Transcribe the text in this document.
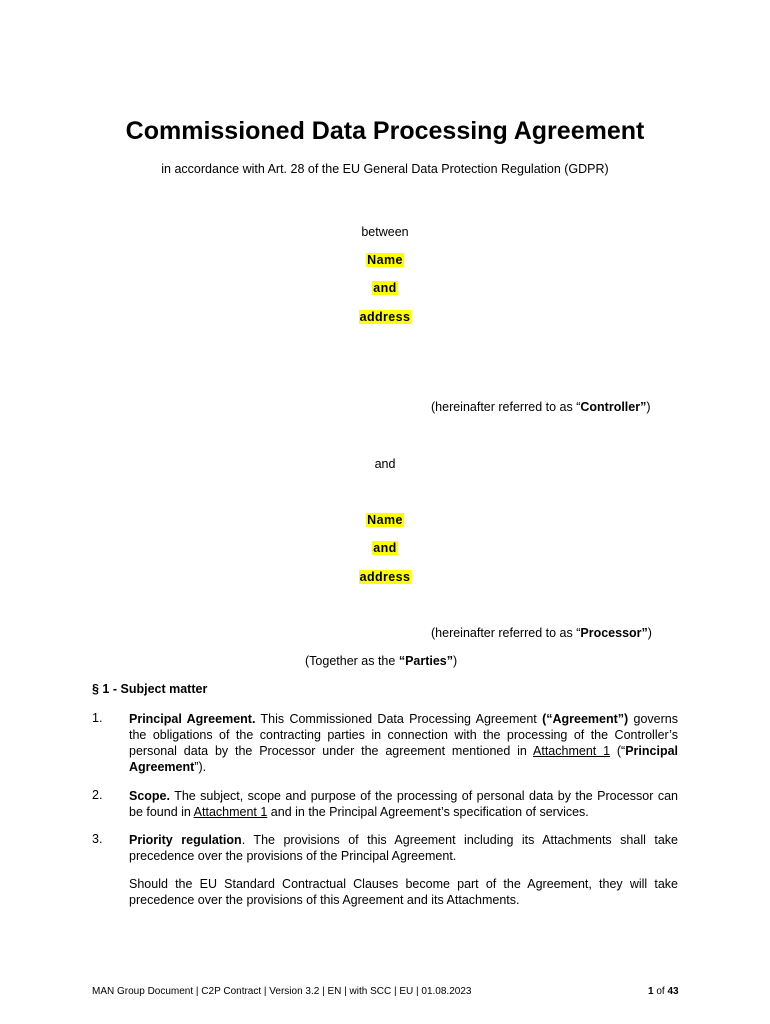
Commissioned Data Processing Agreement
in accordance with Art. 28 of the EU General Data Protection Regulation (GDPR)
between
Name
and
address
(hereinafter referred to as “Controller”)
and
Name
and
address
(hereinafter referred to as “Processor”)
(Together as the “Parties”)
§ 1 - Subject matter
1. Principal Agreement. This Commissioned Data Processing Agreement (“Agreement”) governs the obligations of the contracting parties in connection with the processing of the Controller’s personal data by the Processor under the agreement mentioned in Attachment 1 (“Principal Agreement”).
2. Scope. The subject, scope and purpose of the processing of personal data by the Processor can be found in Attachment 1 and in the Principal Agreement’s specification of services.
3. Priority regulation. The provisions of this Agreement including its Attachments shall take precedence over the provisions of the Principal Agreement.
Should the EU Standard Contractual Clauses become part of the Agreement, they will take precedence over the provisions of this Agreement and its Attachments.
MAN Group Document | C2P Contract | Version 3.2 | EN | with SCC | EU | 01.08.2023	1 of 43
